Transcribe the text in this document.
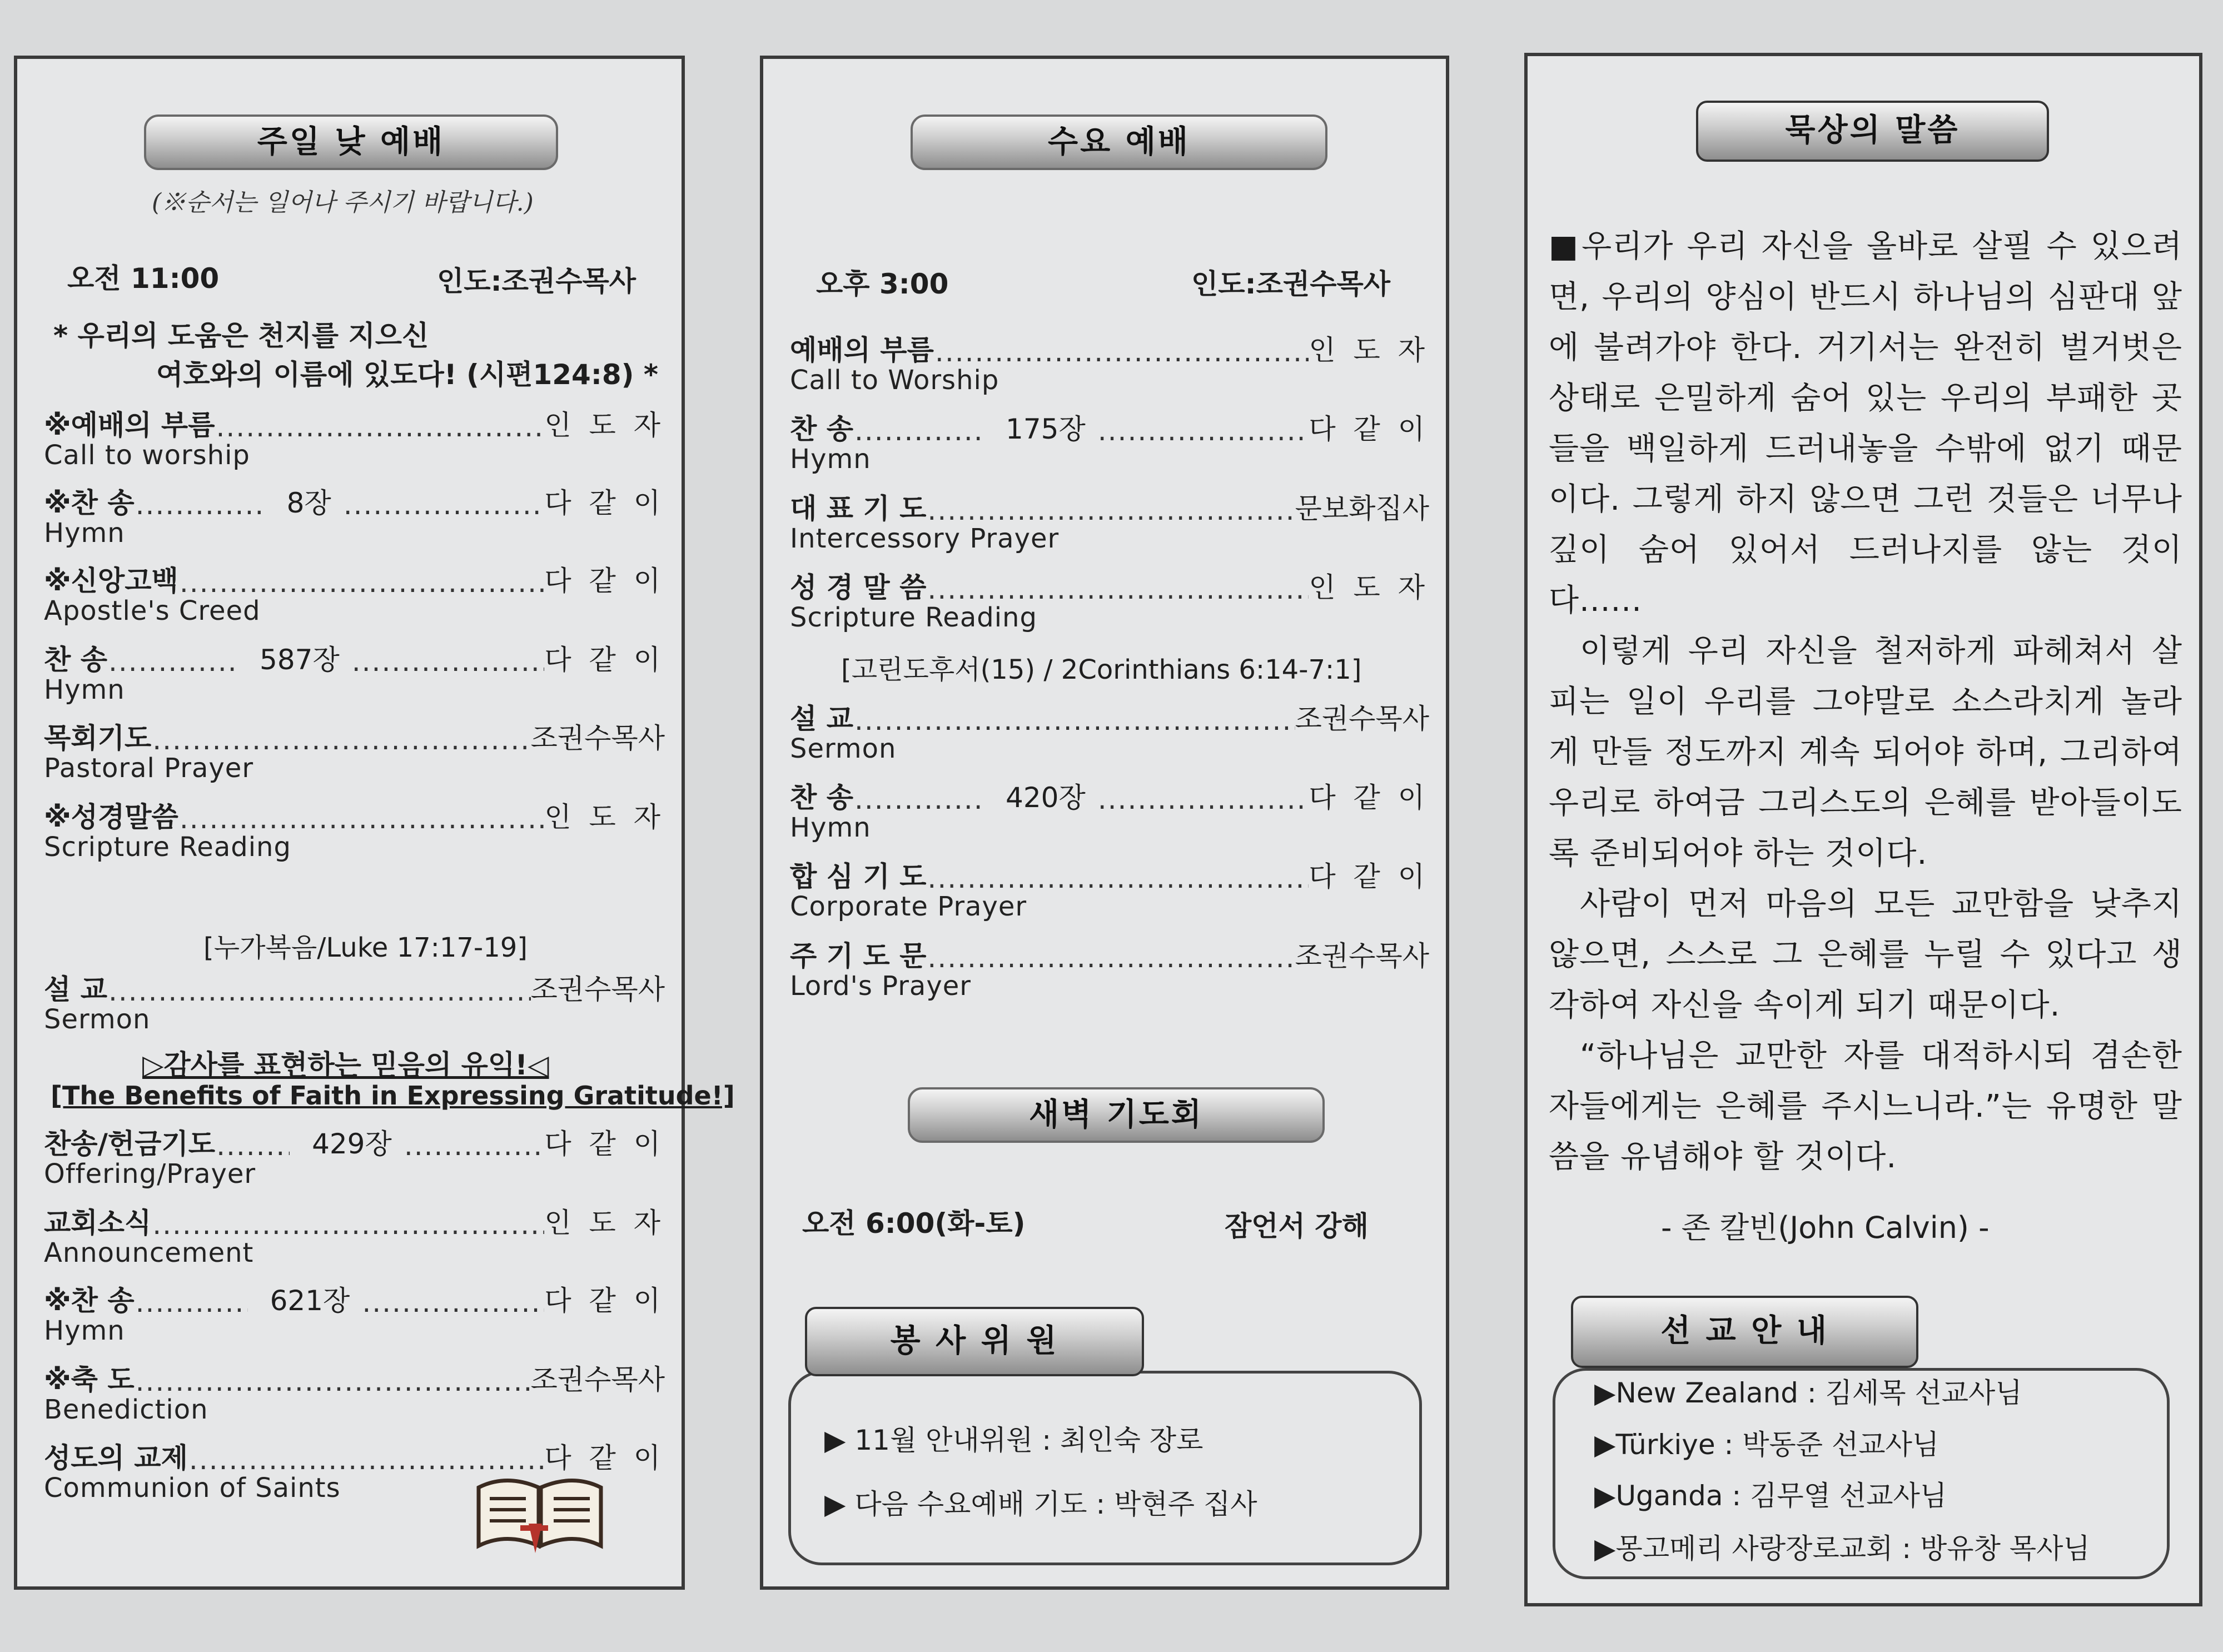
주일 낮 예배
(※순서는 일어나 주시기 바랍니다.)
오전 11:00	인도:조권수목사
* 우리의 도움은 천지를 지으신
여호와의 이름에 있도다! (시편124:8) *
※예배의 부름 .....	인 도 자
Call to worship
※찬 송 .....	8장 .....	다 같 이
Hymn
※신앙고백 .....	다 같 이
Apostle's Creed
찬 송 .....	587장 .....	다 같 이
Hymn
목회기도 .....	조권수목사
Pastoral Prayer
※성경말씀 .....	인 도 자
Scripture Reading
[누가복음/Luke 17:17-19]
설 교 .....	조권수목사
Sermon
▷감사를 표현하는 믿음의 유익!◁
[The Benefits of Faith in Expressing Gratitude!]
찬송/헌금기도 .....	429장 .....	다 같 이
Offering/Prayer
교회소식 .....	인 도 자
Announcement
※찬 송 .....	621장 .....	다 같 이
Hymn
※축 도 .....	조권수목사
Benediction
성도의 교제 .....	다 같 이
Communion of Saints
수요 예배
오후 3:00	인도:조권수목사
예배의 부름 .....	인 도 자
Call to Worship
찬 송 .....	175장 .....	다 같 이
Hymn
대 표 기 도 .....	문보화집사
Intercessory Prayer
성 경 말 씀 .....	인 도 자
Scripture Reading
[고린도후서(15) / 2Corinthians 6:14-7:1]
설 교 .....	조권수목사
Sermon
찬 송 .....	420장 .....	다 같 이
Hymn
합 심 기 도 .....	다 같 이
Corporate Prayer
주 기 도 문 .....	조권수목사
Lord's Prayer
새벽 기도회
오전 6:00(화-토)	잠언서 강해
봉 사 위 원
▶ 11월 안내위원 : 최인숙 장로
▶ 다음 수요예배 기도 : 박현주 집사
묵상의 말씀

■우리가 우리 자신을 올바로 살필 수 있으려면, 우리의 양심이 반드시 하나님의 심판대 앞에 불려가야 한다. 거기서는 완전히 벌거벗은 상태로 은밀하게 숨어 있는 우리의 부패한 곳들을 백일하게 드러내놓을 수밖에 없기 때문이다. 그렇게 하지 않으면 그런 것들은 너무나 깊이 숨어 있어서 드러나지를 않는 것이다......

이렇게 우리 자신을 철저하게 파헤쳐서 살피는 일이 우리를 그야말로 소스라치게 놀라게 만들 정도까지 계속 되어야 하며, 그리하여 우리로 하여금 그리스도의 은혜를 받아들이도록 준비되어야 하는 것이다.

사람이 먼저 마음의 모든 교만함을 낮추지 않으면, 스스로 그 은혜를 누릴 수 있다고 생각하여 자신을 속이게 되기 때문이다.

“하나님은 교만한 자를 대적하시되 겸손한 자들에게는 은혜를 주시느니라.”는 유명한 말씀을 유념해야 할 것이다.

- 존 칼빈(John Calvin) -
선 교 안 내
▶New Zealand : 김세목 선교사님
▶Türkiye : 박동준 선교사님
▶Uganda : 김무열 선교사님
▶몽고메리 사랑장로교회 : 방유창 목사님
